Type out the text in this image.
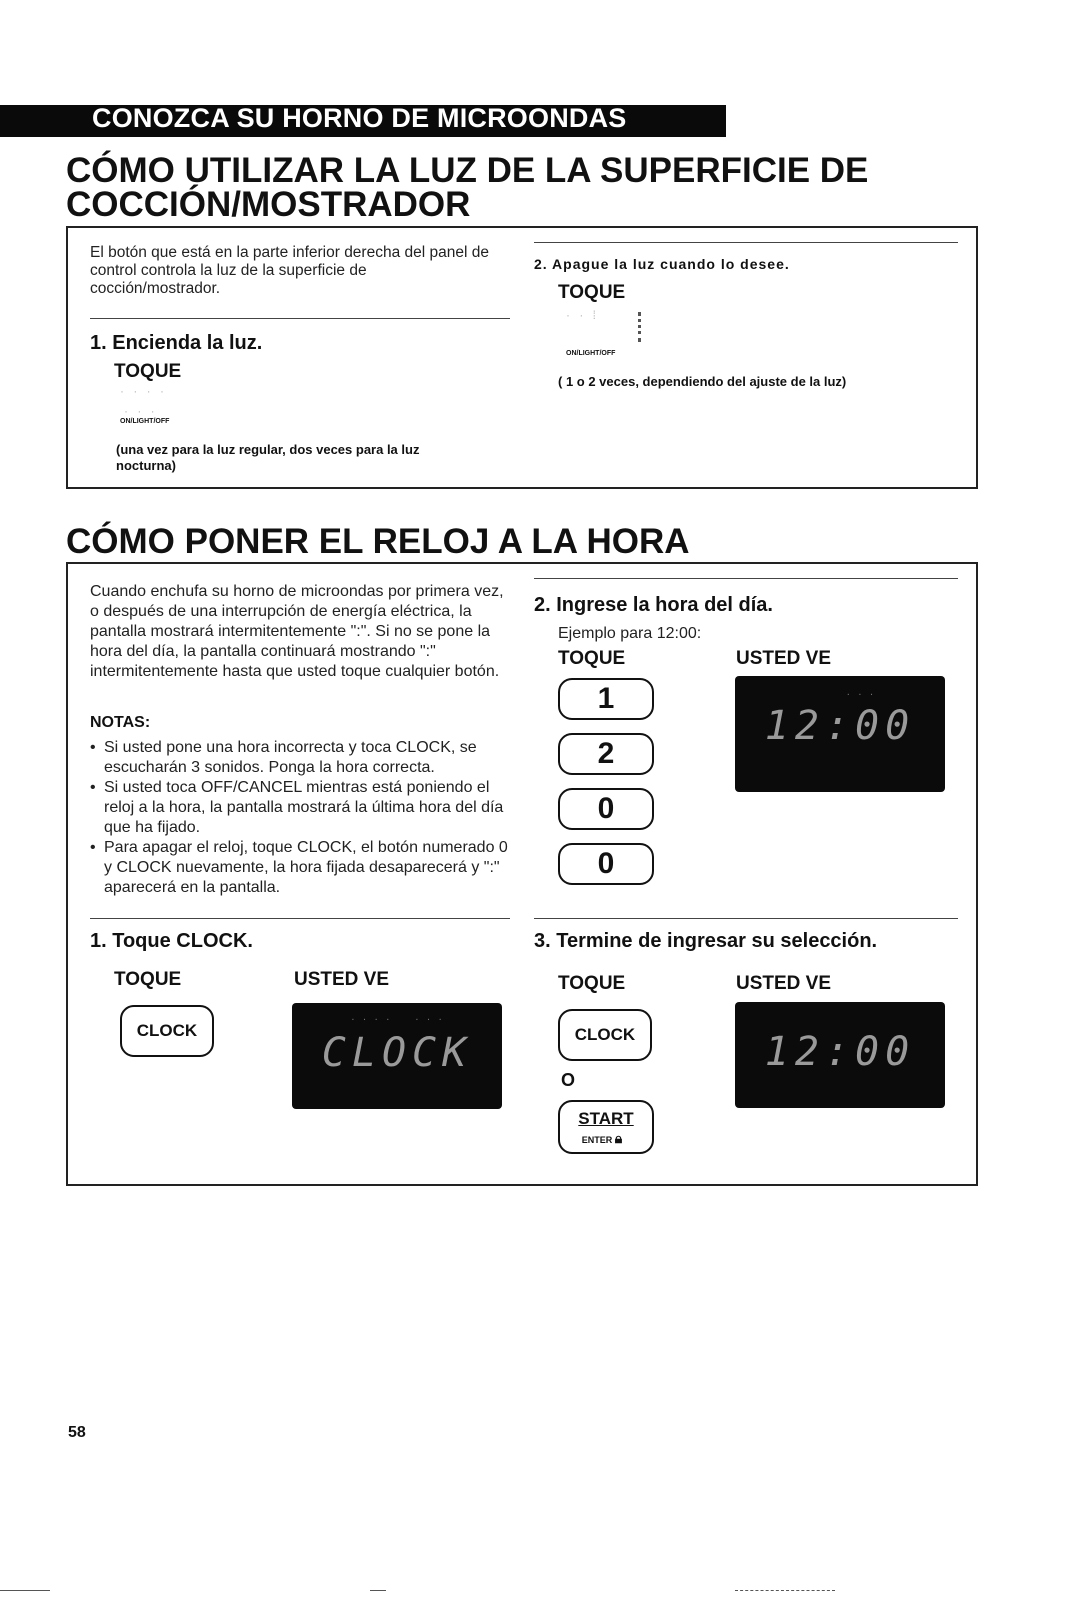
CONOZCA SU HORNO DE MICROONDAS
CÓMO UTILIZAR LA LUZ DE LA SUPERFICIE DE
COCCIÓN/MOSTRADOR
El botón que está en la parte inferior derecha del panel de control controla la luz de la superficie de cocción/mostrador.
1. Encienda la luz.
TOQUE
· · · ·
· · ·
ON/LIGHT/OFF
(una vez para la luz regular, dos veces para la luz nocturna)
2. Apague la luz cuando lo desee.
TOQUE
· · ⁞
ON/LIGHT/OFF
( 1 o 2 veces, dependiendo del ajuste de la luz)
CÓMO PONER EL RELOJ A LA HORA
Cuando enchufa su horno de microondas por primera vez, o después de una interrupción de energía eléctrica, la pantalla mostrará intermitentemente ":". Si no se pone la hora del día, la pantalla continuará mostrando ":" intermitentemente hasta que usted toque cualquier botón.
NOTAS:
• Si usted pone una hora incorrecta y toca CLOCK, se escucharán 3 sonidos. Ponga la hora correcta.
• Si usted toca OFF/CANCEL mientras está poniendo el reloj a la hora, la pantalla mostrará la última hora del día que ha fijado.
• Para apagar el reloj, toque CLOCK, el botón numerado 0 y CLOCK nuevamente, la hora fijada desaparecerá y ":" aparecerá en la pantalla.
1. Toque CLOCK.
TOQUE	USTED VE
CLOCK
· · · ·    · · ·
CLOCK
2. Ingrese la hora del día.
Ejemplo para 12:00:
TOQUE	USTED VE
1
2
0
0
· · ·
12:00
3. Termine de ingresar su selección.
TOQUE	USTED VE
CLOCK
O
START
ENTER 🔒︎

12:00
58
